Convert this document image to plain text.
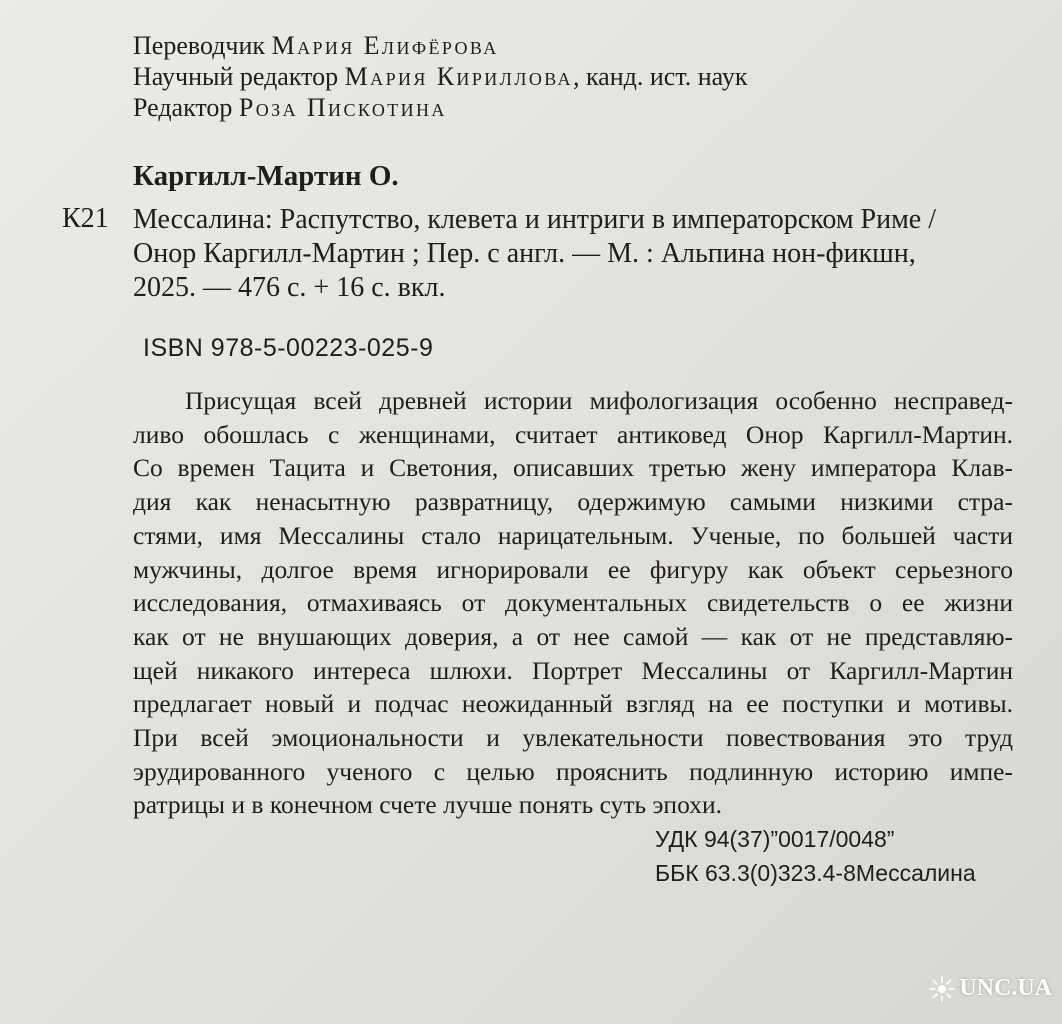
Переводчик Мария Елифёрова
Научный редактор Мария Кириллова, канд. ист. наук
Редактор Роза Пискотина
Каргилл-Мартин О.
К21 Мессалина: Распутство, клевета и интриги в императорском Риме /
Онор Каргилл-Мартин ; Пер. с англ. — М. : Альпина нон-фикшн,
2025. — 476 с. + 16 с. вкл.
ISBN 978-5-00223-025-9
Присущая всей древней истории мифологизация особенно несправед-
ливо обошлась с женщинами, считает антиковед Онор Каргилл-Мартин.
Со времен Тацита и Светония, описавших третью жену императора Клав-
дия как ненасытную развратницу, одержимую самыми низкими стра-
стями, имя Мессалины стало нарицательным. Ученые, по большей части
мужчины, долгое время игнорировали ее фигуру как объект серьезного
исследования, отмахиваясь от документальных свидетельств о ее жизни
как от не внушающих доверия, а от нее самой — как от не представляю-
щей никакого интереса шлюхи. Портрет Мессалины от Каргилл-Мартин
предлагает новый и подчас неожиданный взгляд на ее поступки и мотивы.
При всей эмоциональности и увлекательности повествования это труд
эрудированного ученого с целью прояснить подлинную историю импе-
ратрицы и в конечном счете лучше понять суть эпохи.
УДК 94(37)”0017/0048”
ББК 63.3(0)323.4-8Мессалина
UNC.UA
